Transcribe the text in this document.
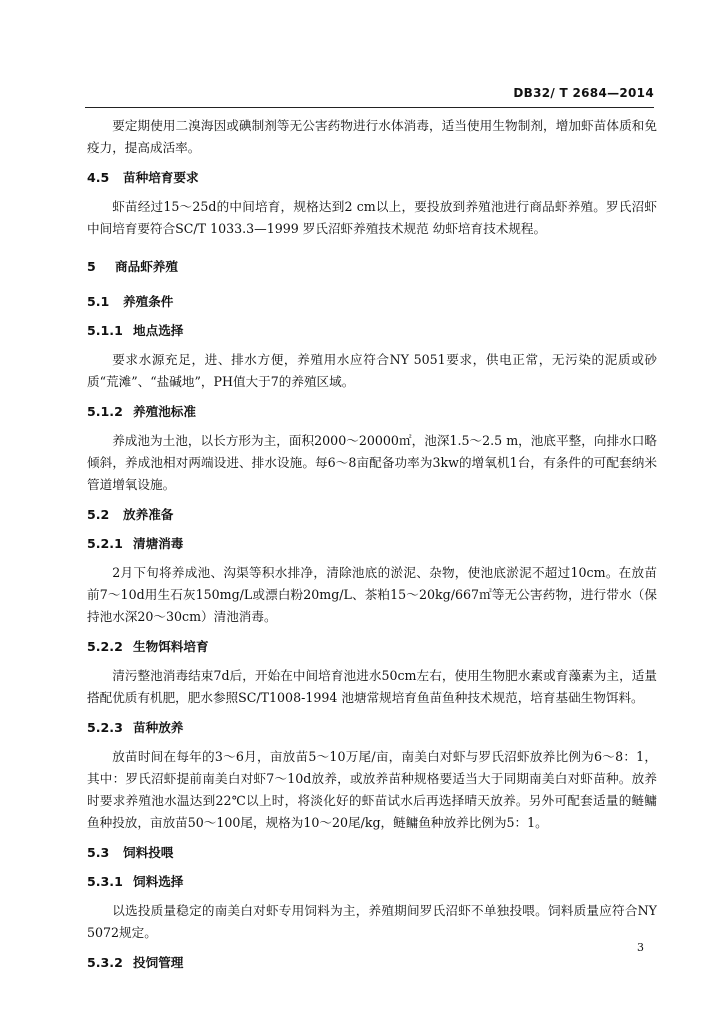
DB32/ T 2684—2014

要定期使用二溴海因或碘制剂等无公害药物进行水体消毒，适当使用生物制剂，增加虾苗体质和免疫力，提高成活率。

4.5 苗种培育要求

虾苗经过15～25d的中间培育，规格达到2 cm以上，要投放到养殖池进行商品虾养殖。罗氏沼虾中间培育要符合SC/T 1033.3—1999 罗氏沼虾养殖技术规范 幼虾培育技术规程。

5 商品虾养殖
5.1 养殖条件
5.1.1 地点选择

要求水源充足，进、排水方便，养殖用水应符合NY 5051要求，供电正常，无污染的泥质或砂质“荒滩”、“盐碱地”，PH值大于7的养殖区域。

5.1.2 养殖池标准

养成池为土池，以长方形为主，面积2000～20000㎡，池深1.5～2.5 m，池底平整，向排水口略倾斜，养成池相对两端设进、排水设施。每6～8亩配备功率为3kw的增氧机1台，有条件的可配套纳米管道增氧设施。

5.2 放养准备
5.2.1 清塘消毒

2月下旬将养成池、沟渠等积水排净，清除池底的淤泥、杂物，使池底淤泥不超过10cm。在放苗前7～10d用生石灰150mg/L或漂白粉20mg/L、茶粕15～20kg/667㎡等无公害药物，进行带水（保持池水深20～30cm）清池消毒。

5.2.2 生物饵料培育

清污整池消毒结束7d后，开始在中间培育池进水50cm左右，使用生物肥水素或育藻素为主，适量搭配优质有机肥，肥水参照SC/T1008-1994 池塘常规培育鱼苗鱼种技术规范，培育基础生物饵料。

5.2.3 苗种放养

放苗时间在每年的3～6月，亩放苗5～10万尾/亩，南美白对虾与罗氏沼虾放养比例为6～8：1，其中：罗氏沼虾提前南美白对虾7～10d放养，或放养苗种规格要适当大于同期南美白对虾苗种。放养时要求养殖池水温达到22℃以上时，将淡化好的虾苗试水后再选择晴天放养。另外可配套适量的鲢鳙鱼种投放，亩放苗50～100尾，规格为10～20尾/kg，鲢鳙鱼种放养比例为5：1。

5.3 饲料投喂
5.3.1 饲料选择

以选投质量稳定的南美白对虾专用饲料为主，养殖期间罗氏沼虾不单独投喂。饲料质量应符合NY 5072规定。

5.3.2 投饲管理
3
